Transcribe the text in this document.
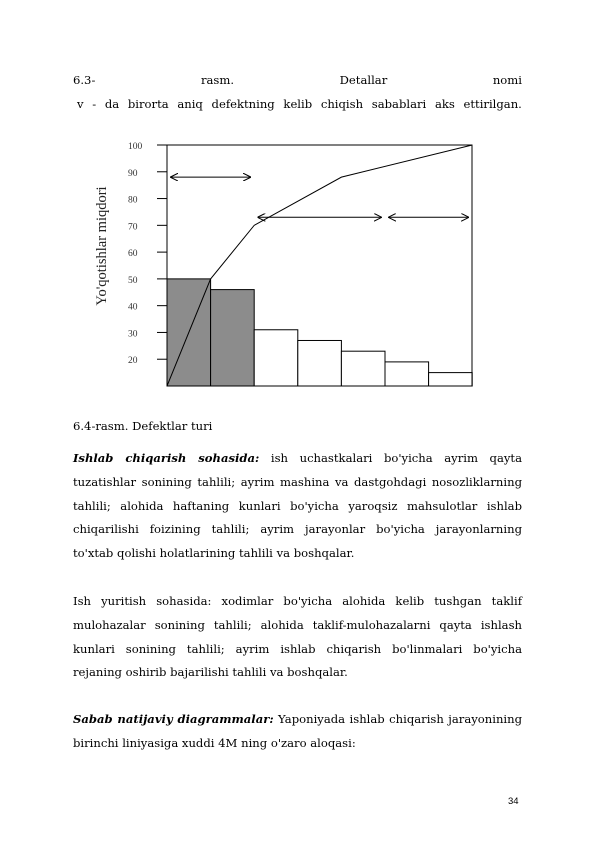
6.3-	rasm.	Detallar	nomi
v - da birorta aniq defektning kelib chiqish sabablari aks ettirilgan.
Yo'qotishlar miqdori
100
90
80
70
60
50
40
30
20
6.4-rasm. Defektlar turi
Ishlab chiqarish sohasida: ish uchastkalari bo'yicha ayrim qayta tuzatishlar sonining tahlili; ayrim mashina va dastgohdagi nosozliklarning tahlili; alohida haftaning kunlari bo'yicha yaroqsiz mahsulotlar ishlab chiqarilishi foizining tahlili; ayrim jarayonlar bo'yicha jarayonlarning to'xtab qolishi holatlarining tahlili va boshqalar.
Ish yuritish sohasida: xodimlar bo'yicha alohida kelib tushgan taklif mulohazalar sonining tahlili; alohida taklif-mulohazalarni qayta ishlash kunlari sonining tahlili; ayrim ishlab chiqarish bo'linmalari bo'yicha rejaning oshirib bajarilishi tahlili va boshqalar.
Sabab natijaviy diagrammalar: Yaponiyada ishlab chiqarish jarayonining birinchi liniyasiga xuddi 4M ning o'zaro aloqasi:
34
